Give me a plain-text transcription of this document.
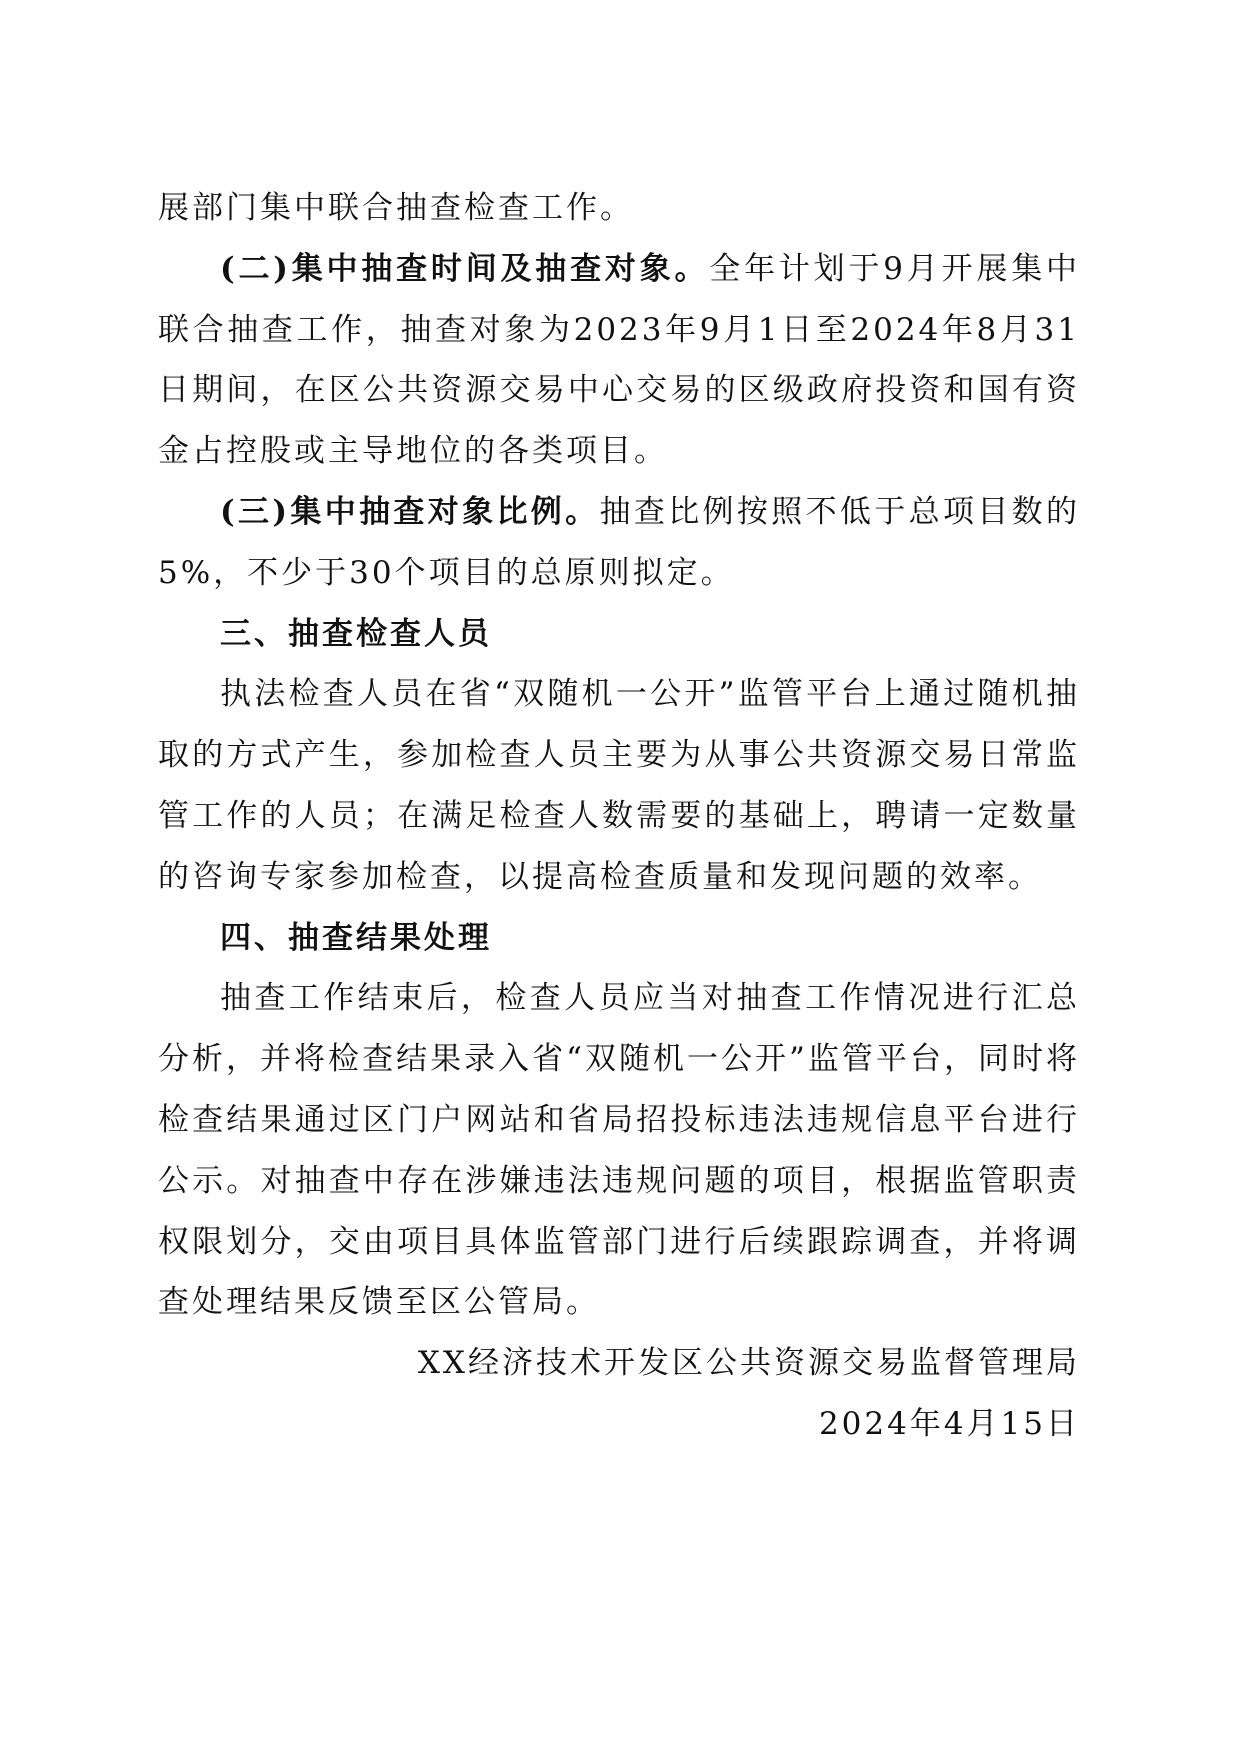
展部门集中联合抽查检查工作。

(二)集中抽查时间及抽查对象。全年计划于9月开展集中联合抽查工作，抽查对象为2023年9月1日至2024年8月31日期间，在区公共资源交易中心交易的区级政府投资和国有资金占控股或主导地位的各类项目。

(三)集中抽查对象比例。抽查比例按照不低于总项目数的5%，不少于30个项目的总原则拟定。

三、抽查检查人员

执法检查人员在省“双随机一公开”监管平台上通过随机抽取的方式产生，参加检查人员主要为从事公共资源交易日常监管工作的人员；在满足检查人数需要的基础上，聘请一定数量的咨询专家参加检查，以提高检查质量和发现问题的效率。

四、抽查结果处理

抽查工作结束后，检查人员应当对抽查工作情况进行汇总分析，并将检查结果录入省“双随机一公开”监管平台，同时将检查结果通过区门户网站和省局招投标违法违规信息平台进行公示。对抽查中存在涉嫌违法违规问题的项目，根据监管职责权限划分，交由项目具体监管部门进行后续跟踪调查，并将调查处理结果反馈至区公管局。

XX经济技术开发区公共资源交易监督管理局

2024年4月15日
